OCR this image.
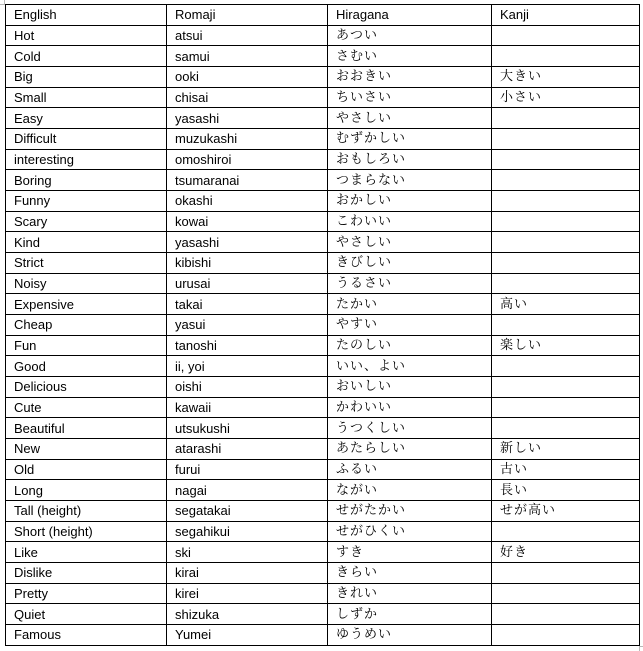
English	Romaji	Hiragana	Kanji
Hot	atsui	あつい	
Cold	samui	さむい	
Big	ooki	おおきい	大きい
Small	chisai	ちいさい	小さい
Easy	yasashi	やさしい	
Difficult	muzukashi	むずかしい	
interesting	omoshiroi	おもしろい	
Boring	tsumaranai	つまらない	
Funny	okashi	おかしい	
Scary	kowai	こわいい	
Kind	yasashi	やさしい	
Strict	kibishi	きびしい	
Noisy	urusai	うるさい	
Expensive	takai	たかい	高い
Cheap	yasui	やすい	
Fun	tanoshi	たのしい	楽しい
Good	ii, yoi	いい、よい	
Delicious	oishi	おいしい	
Cute	kawaii	かわいい	
Beautiful	utsukushi	うつくしい	
New	atarashi	あたらしい	新しい
Old	furui	ふるい	古い
Long	nagai	ながい	長い
Tall (height)	segatakai	せがたかい	せが高い
Short (height)	segahikui	せがひくい	
Like	ski	すき	好き
Dislike	kirai	きらい	
Pretty	kirei	きれい	
Quiet	shizuka	しずか	
Famous	Yumei	ゆうめい	
